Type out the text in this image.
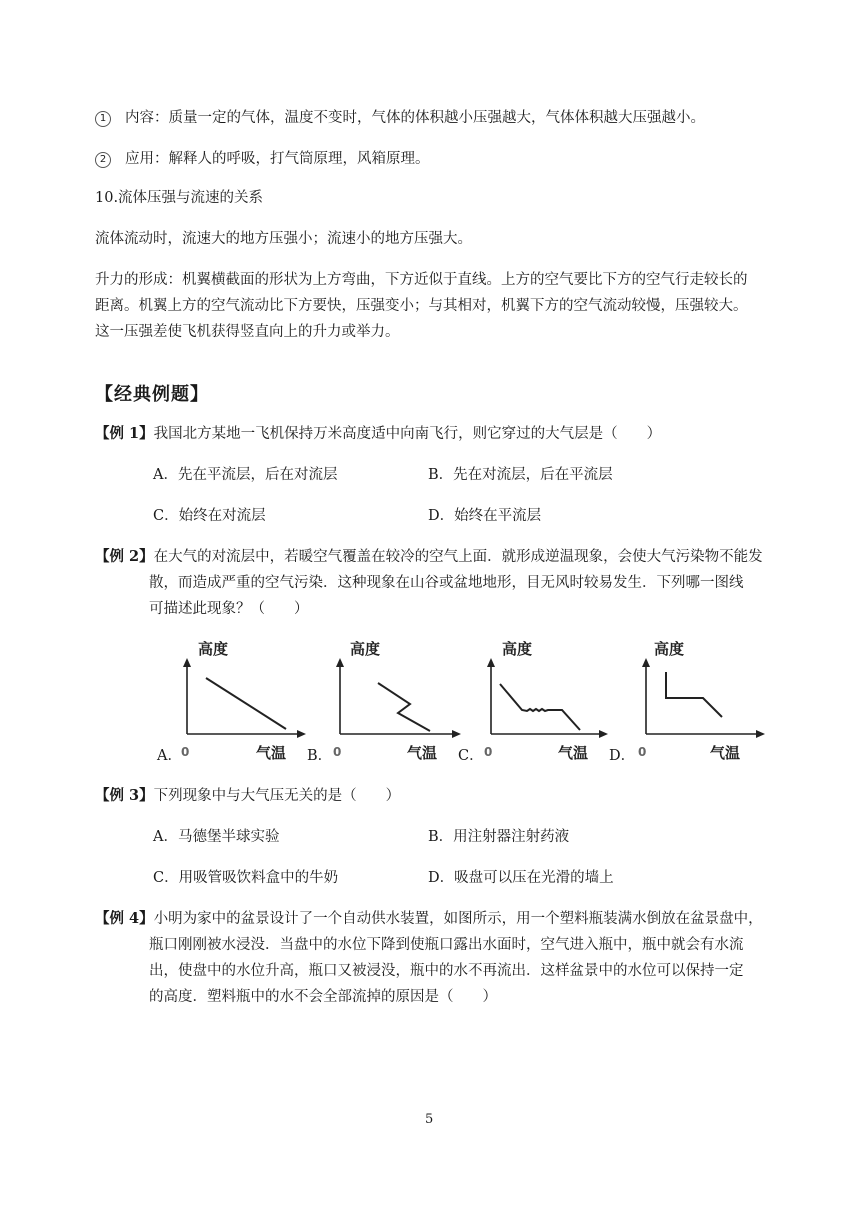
1 内容：质量一定的气体，温度不变时，气体的体积越小压强越大，气体体积越大压强越小。
2 应用：解释人的呼吸，打气筒原理，风箱原理。
10.流体压强与流速的关系
流体流动时，流速大的地方压强小；流速小的地方压强大。
升力的形成：机翼横截面的形状为上方弯曲，下方近似于直线。上方的空气要比下方的空气行走较长的
距离。机翼上方的空气流动比下方要快，压强变小；与其相对，机翼下方的空气流动较慢，压强较大。
这一压强差使飞机获得竖直向上的升力或举力。
【经典例题】
【例 1】我国北方某地一飞机保持万米高度适中向南飞行，则它穿过的大气层是（　　）
A．先在平流层，后在对流层	B．先在对流层，后在平流层
C．始终在对流层	D．始终在平流层
【例 2】在大气的对流层中，若暖空气覆盖在较冷的空气上面．就形成逆温现象，会使大气污染物不能发
散，而造成严重的空气污染．这种现象在山谷或盆地地形，目无风时较易发生．下列哪一图线
可描述此现象？（　　）
高度
气温
0
高度
气温
0
高度
气温
0
高度
气温
0
A．	B．	C．	D．
【例 3】下列现象中与大气压无关的是（　　）
A．马德堡半球实验	B．用注射器注射药液
C．用吸管吸饮料盒中的牛奶	D．吸盘可以压在光滑的墙上
【例 4】小明为家中的盆景设计了一个自动供水装置，如图所示，用一个塑料瓶装满水倒放在盆景盘中，
瓶口刚刚被水浸没．当盘中的水位下降到使瓶口露出水面时，空气进入瓶中，瓶中就会有水流
出，使盘中的水位升高，瓶口又被浸没，瓶中的水不再流出．这样盆景中的水位可以保持一定
的高度．塑料瓶中的水不会全部流掉的原因是（　　）
5
